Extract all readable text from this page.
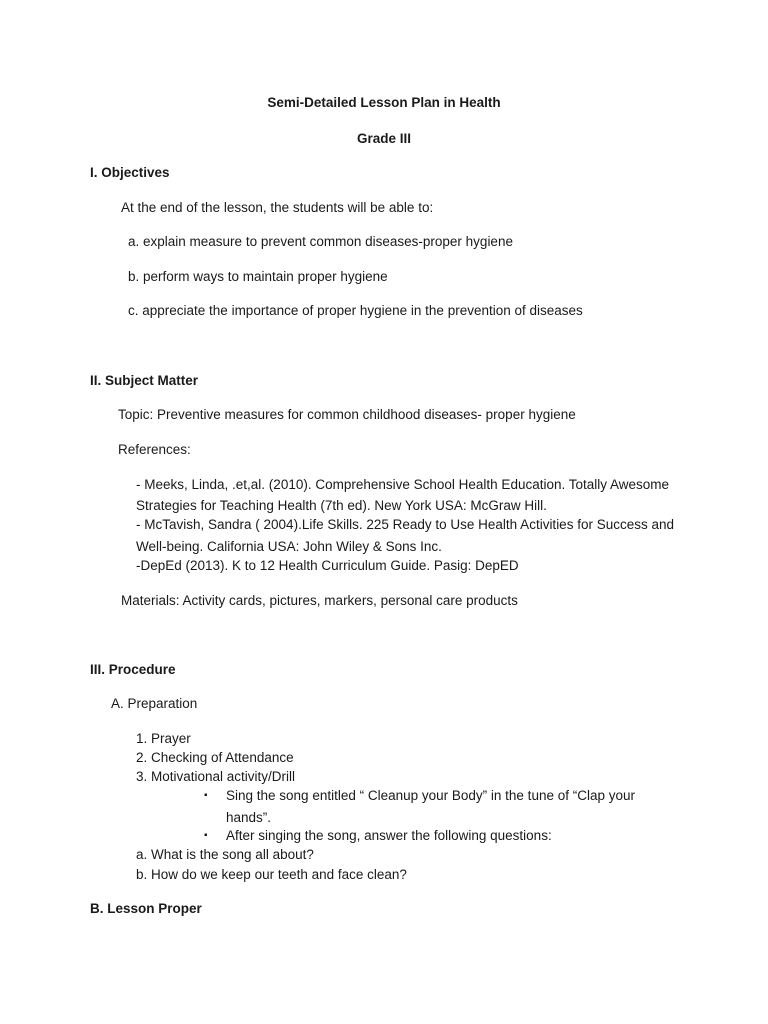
Semi-Detailed Lesson Plan in Health
Grade III
I. Objectives
At the end of the lesson, the students will be able to:
a. explain measure to prevent common diseases-proper hygiene
b. perform ways to maintain proper hygiene
c. appreciate the importance of proper hygiene in the prevention of diseases
II. Subject Matter
Topic: Preventive measures for common childhood diseases- proper hygiene
References:
- Meeks, Linda, .et,al. (2010). Comprehensive School Health Education. Totally Awesome
Strategies for Teaching Health (7th ed). New York USA: McGraw Hill.
- McTavish, Sandra ( 2004).Life Skills. 225 Ready to Use Health Activities for Success and
Well-being. California USA: John Wiley & Sons Inc.
-DepEd (2013). K to 12 Health Curriculum Guide. Pasig: DepED
Materials: Activity cards, pictures, markers, personal care products
III. Procedure
A. Preparation
1. Prayer
2. Checking of Attendance
3. Motivational activity/Drill
▪ Sing the song entitled “ Cleanup your Body” in the tune of “Clap your
hands”.
▪ After singing the song, answer the following questions:
a. What is the song all about?
b. How do we keep our teeth and face clean?
B. Lesson Proper
